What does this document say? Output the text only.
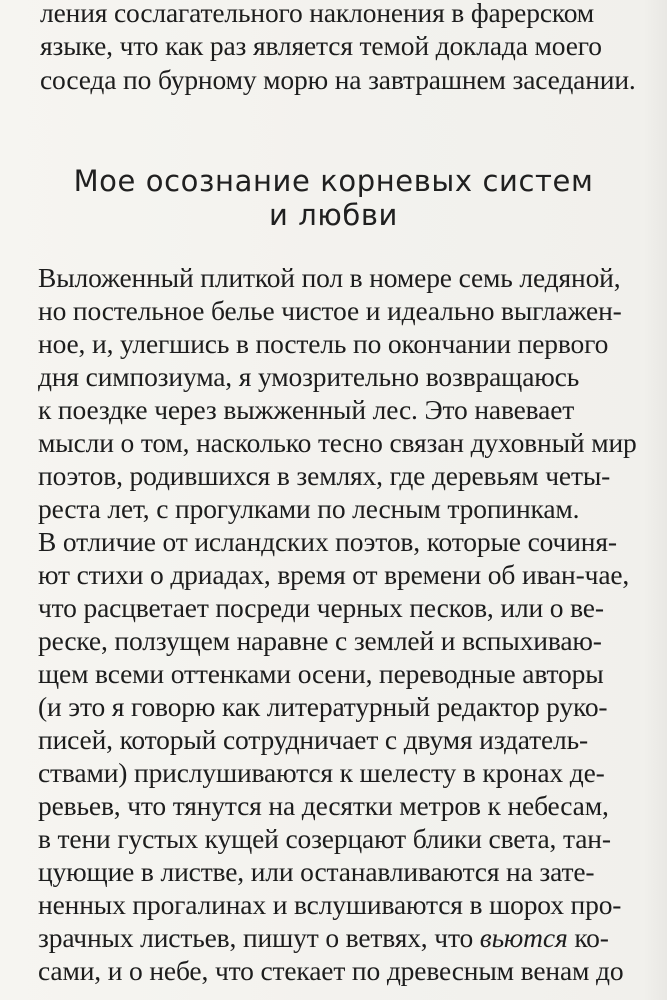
ления сослагательного наклонения в фарерском
языке, что как раз является темой доклада моего
соседа по бурному морю на завтрашнем заседании.
Мое осознание корневых систем
и любви
Выложенный плиткой пол в номере семь ледяной,
но постельное белье чистое и идеально выглажен-
ное, и, улегшись в постель по окончании первого
дня симпозиума, я умозрительно возвращаюсь
к поездке через выжженный лес. Это навевает
мысли о том, насколько тесно связан духовный мир
поэтов, родившихся в землях, где деревьям четы-
реста лет, с прогулками по лесным тропинкам.
В отличие от исландских поэтов, которые сочиня-
ют стихи о дриадах, время от времени об иван-чае,
что расцветает посреди черных песков, или о ве-
реске, ползущем наравне с землей и вспыхиваю-
щем всеми оттенками осени, переводные авторы
(и это я говорю как литературный редактор руко-
писей, который сотрудничает с двумя издатель-
ствами) прислушиваются к шелесту в кронах де-
ревьев, что тянутся на десятки метров к небесам,
в тени густых кущей созерцают блики света, тан-
цующие в листве, или останавливаются на зате-
ненных прогалинах и вслушиваются в шорох про-
зрачных листьев, пишут о ветвях, что вьются ко-
сами, и о небе, что стекает по древесным венам до
